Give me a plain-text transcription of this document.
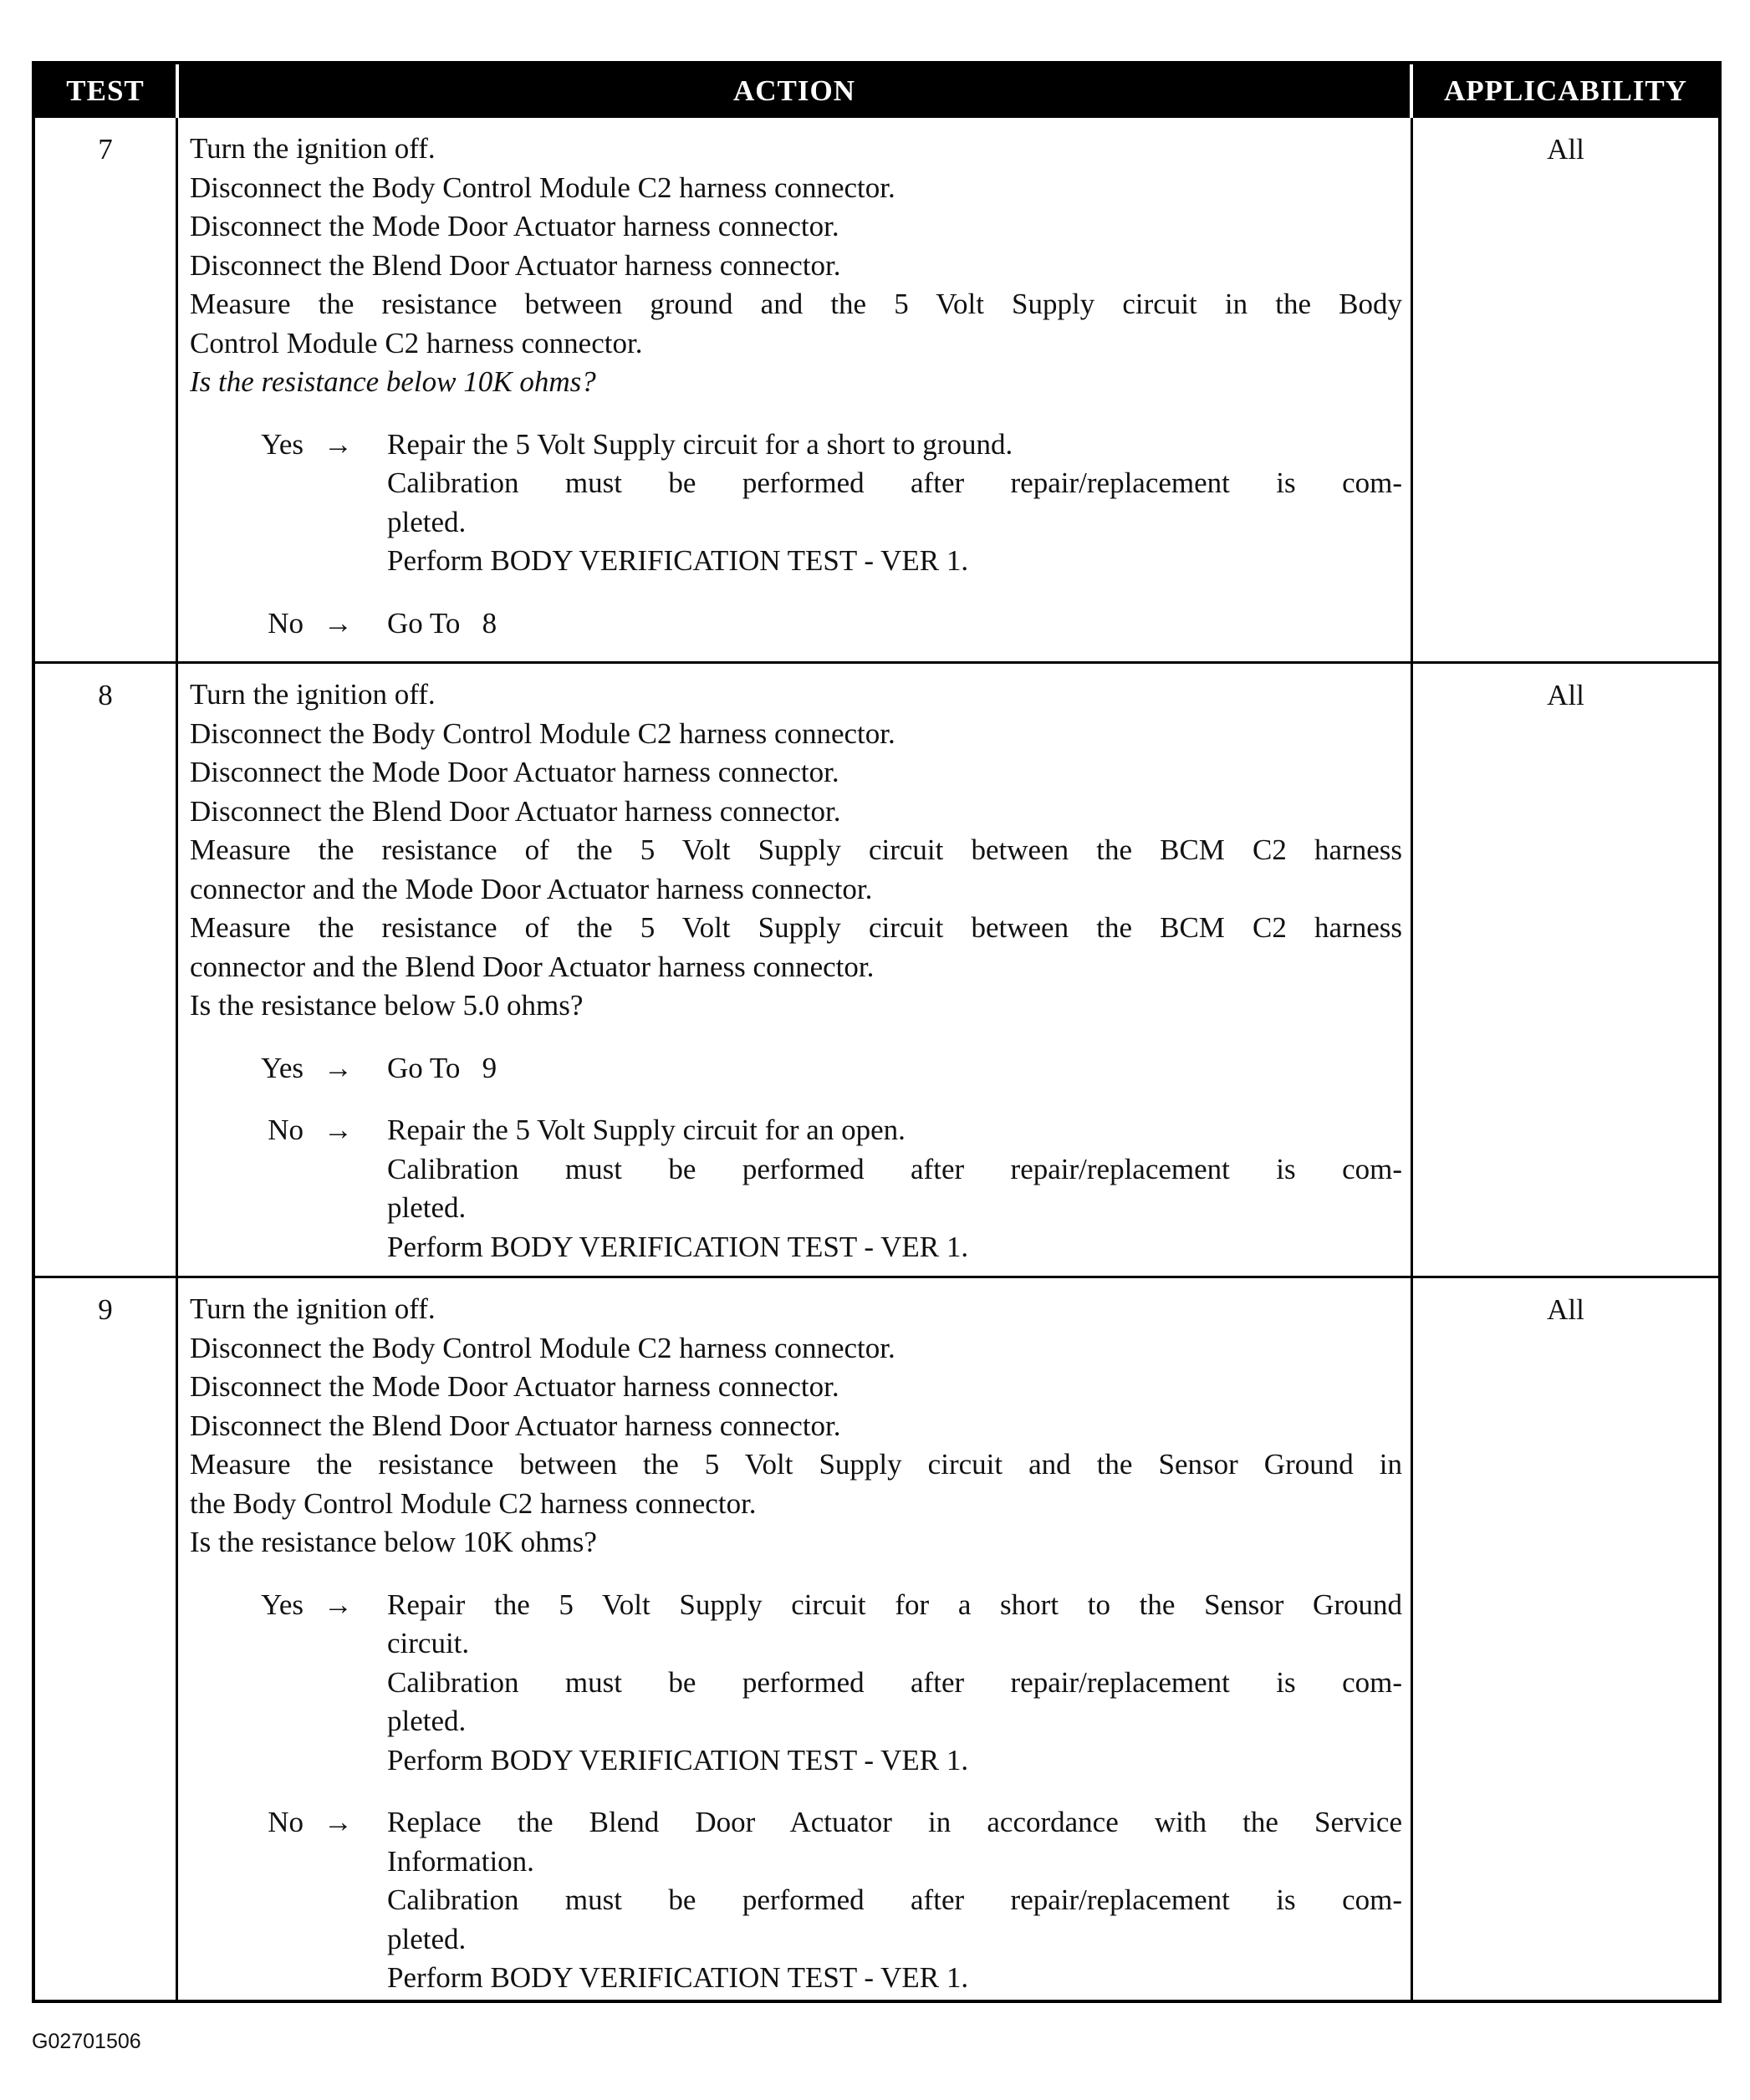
TEST	ACTION	APPLICABILITY
7	Turn the ignition off.
Disconnect the Body Control Module C2 harness connector.
Disconnect the Mode Door Actuator harness connector.
Disconnect the Blend Door Actuator harness connector.
Measure the resistance between ground and the 5 Volt Supply circuit in the Body
Control Module C2 harness connector.
Is the resistance below 10K ohms?
Yes →	Repair the 5 Volt Supply circuit for a short to ground.
Calibration must be performed after repair/replacement is com-
pleted.
Perform BODY VERIFICATION TEST - VER 1.
No →	Go To   8
All
8	Turn the ignition off.
Disconnect the Body Control Module C2 harness connector.
Disconnect the Mode Door Actuator harness connector.
Disconnect the Blend Door Actuator harness connector.
Measure the resistance of the 5 Volt Supply circuit between the BCM C2 harness
connector and the Mode Door Actuator harness connector.
Measure the resistance of the 5 Volt Supply circuit between the BCM C2 harness
connector and the Blend Door Actuator harness connector.
Is the resistance below 5.0 ohms?
Yes →	Go To   9
No →	Repair the 5 Volt Supply circuit for an open.
Calibration must be performed after repair/replacement is com-
pleted.
Perform BODY VERIFICATION TEST - VER 1.
All
9	Turn the ignition off.
Disconnect the Body Control Module C2 harness connector.
Disconnect the Mode Door Actuator harness connector.
Disconnect the Blend Door Actuator harness connector.
Measure the resistance between the 5 Volt Supply circuit and the Sensor Ground in
the Body Control Module C2 harness connector.
Is the resistance below 10K ohms?
Yes →	Repair the 5 Volt Supply circuit for a short to the Sensor Ground
circuit.
Calibration must be performed after repair/replacement is com-
pleted.
Perform BODY VERIFICATION TEST - VER 1.
No →	Replace the Blend Door Actuator in accordance with the Service
Information.
Calibration must be performed after repair/replacement is com-
pleted.
Perform BODY VERIFICATION TEST - VER 1.
All
G02701506
